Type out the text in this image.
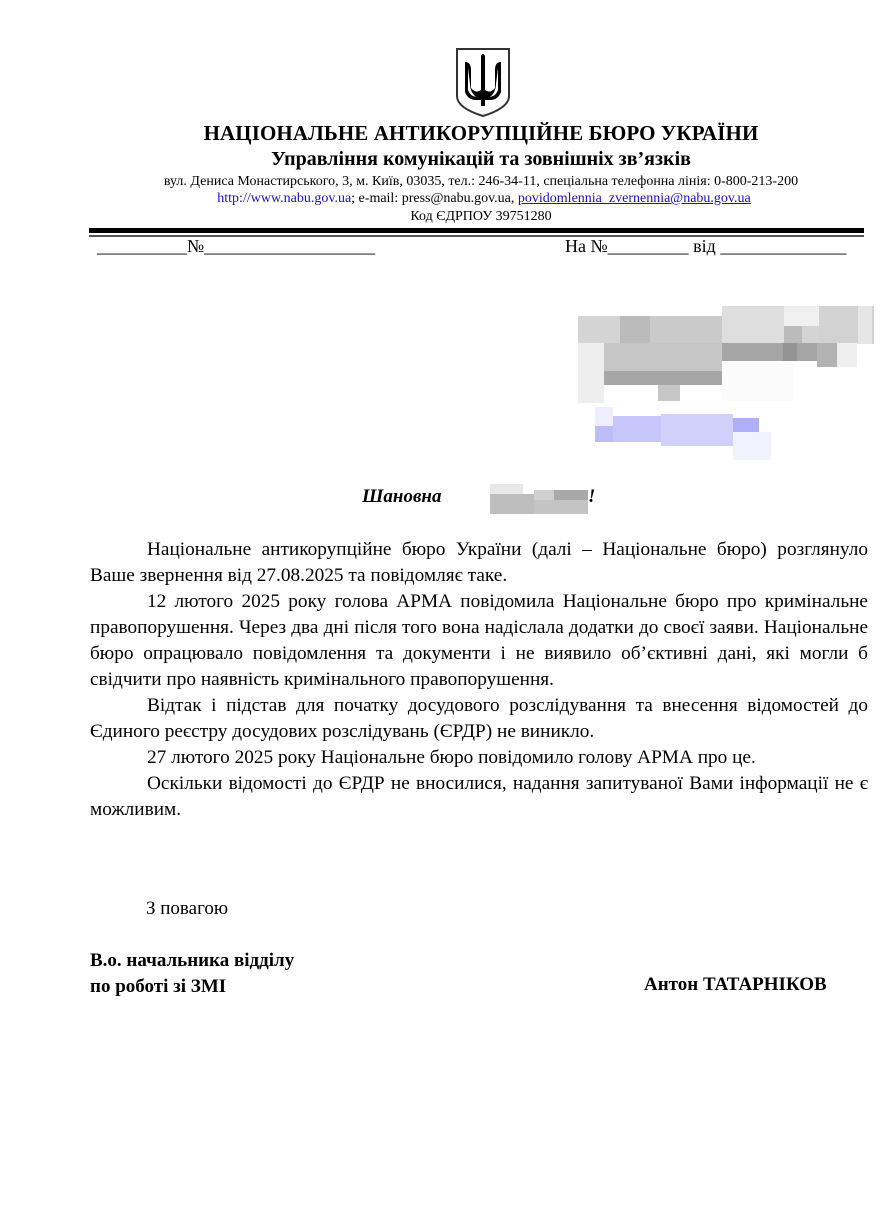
НАЦІОНАЛЬНЕ АНТИКОРУПЦІЙНЕ БЮРО УКРАЇНИ
Управління комунікацій та зовнішніх зв’язків
вул. Дениса Монастирського, 3, м. Київ, 03035, тел.: 246-34-11, спеціальна телефонна лінія: 0-800-213-200
http://www.nabu.gov.ua; e-mail: press@nabu.gov.ua, povidomlennia_zvernennia@nabu.gov.ua
Код ЄДРПОУ 39751280
__________№___________________	На №_________ від ______________
Шановна	!

Національне антикорупційне бюро України (далі – Національне бюро) розглянуло Ваше звернення від 27.08.2025 та повідомляє таке.

12 лютого 2025 року голова АРМА повідомила Національне бюро про кримінальне правопорушення. Через два дні після того вона надіслала додатки до своєї заяви. Національне бюро опрацювало повідомлення та документи і не виявило об’єктивні дані, які могли б свідчити про наявність кримінального правопорушення.

Відтак і підстав для початку досудового розслідування та внесення відомостей до Єдиного реєстру досудових розслідувань (ЄРДР) не виникло.

27 лютого 2025 року Національне бюро повідомило голову АРМА про це.

Оскільки відомості до ЄРДР не вносилися, надання запитуваної Вами інформації не є можливим.

З повагою
В.о. начальника відділу
по роботі зі ЗМІ	Антон ТАТАРНІКОВ
